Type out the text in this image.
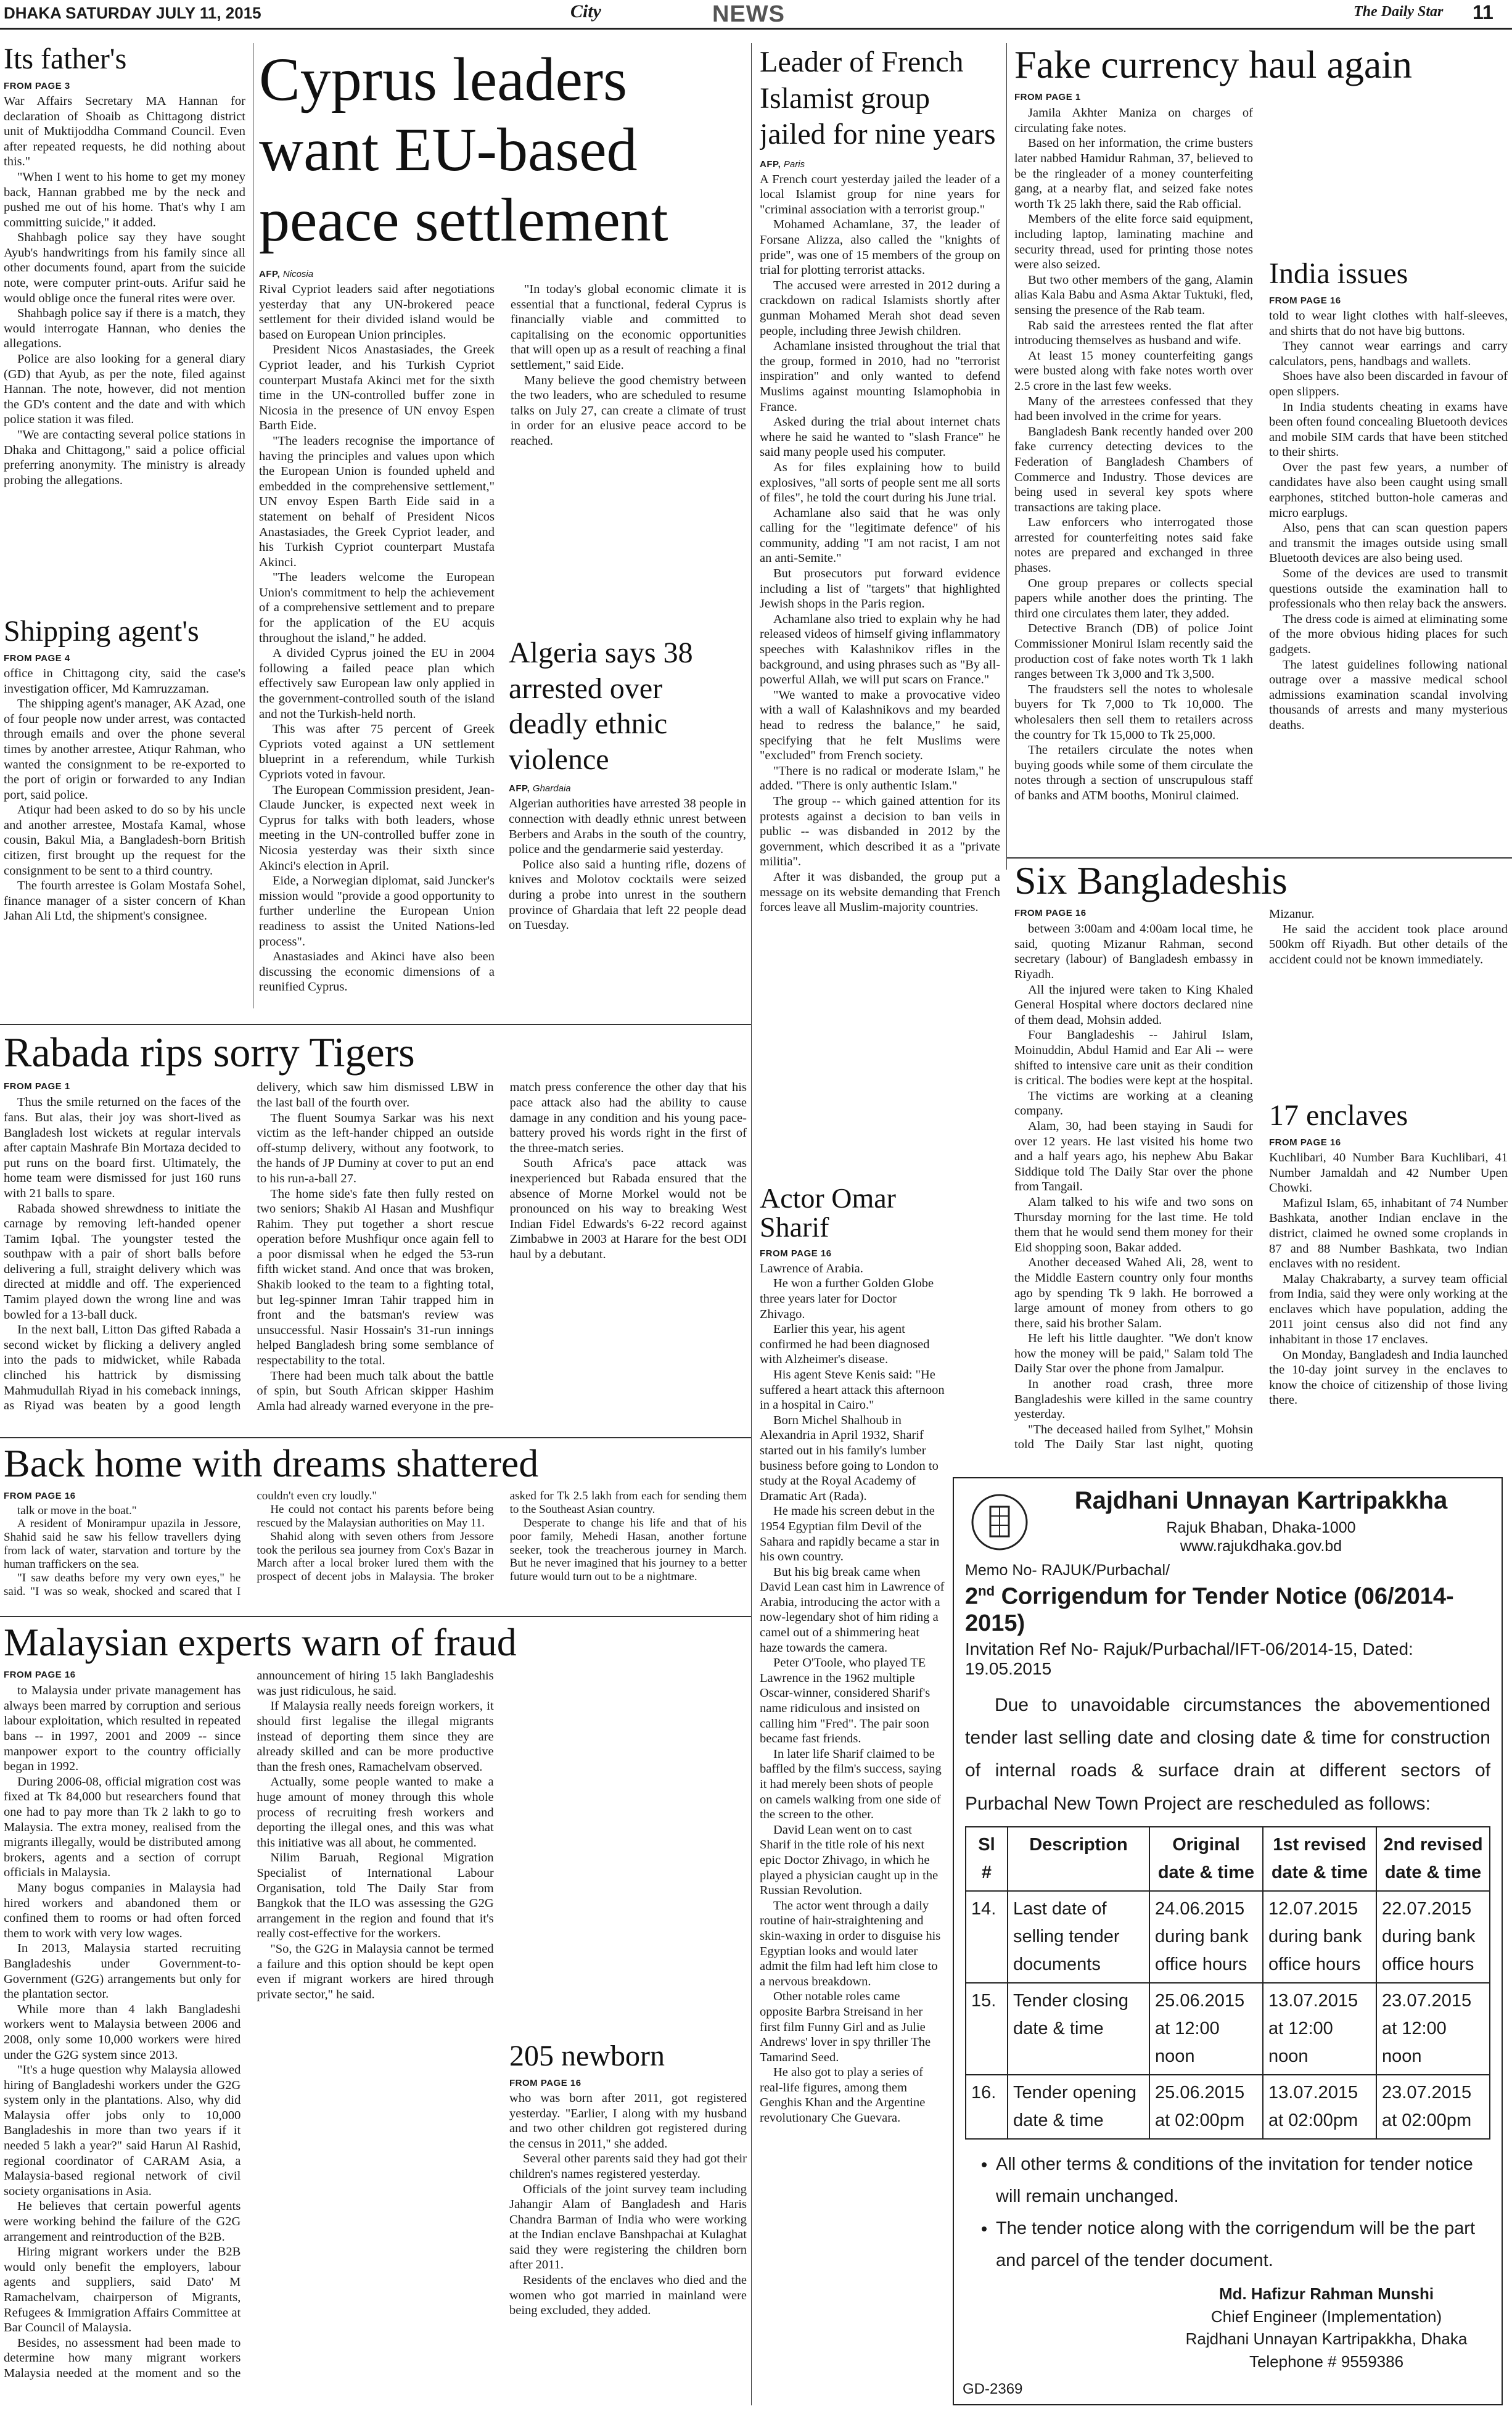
DHAKA SATURDAY JULY 11, 2015	City	NEWS	The Daily Star 11
Its father's
FROM PAGE 3

War Affairs Secretary MA Hannan for declaration of Shoaib as Chittagong district unit of Muktijoddha Command Council. Even after repeated requests, he did nothing about this."

"When I went to his home to get my money back, Hannan grabbed me by the neck and pushed me out of his home. That's why I am committing suicide," it added.

Shahbagh police say they have sought Ayub's handwritings from his family since all other documents found, apart from the suicide note, were computer print-outs. Arifur said he would oblige once the funeral rites were over.

Shahbagh police say if there is a match, they would interrogate Hannan, who denies the allegations.

Police are also looking for a general diary (GD) that Ayub, as per the note, filed against Hannan. The note, however, did not mention the GD's content and the date and with which police station it was filed.

"We are contacting several police stations in Dhaka and Chittagong," said a police official preferring anonymity. The ministry is already probing the allegations.

Shipping agent's
FROM PAGE 4

office in Chittagong city, said the case's investigation officer, Md Kamruzzaman.

The shipping agent's manager, AK Azad, one of four people now under arrest, was contacted through emails and over the phone several times by another arrestee, Atiqur Rahman, who wanted the consignment to be re-exported to the port of origin or forwarded to any Indian port, said police.

Atiqur had been asked to do so by his uncle and another arrestee, Mostafa Kamal, whose cousin, Bakul Mia, a Bangladesh-born British citizen, first brought up the request for the consignment to be sent to a third country.

The fourth arrestee is Golam Mostafa Sohel, finance manager of a sister concern of Khan Jahan Ali Ltd, the shipment's consignee.

Cyprus leaders want EU-based peace settlement
AFP, Nicosia

Rival Cypriot leaders said after negotiations yesterday that any UN-brokered peace settlement for their divided island would be based on European Union principles.

President Nicos Anastasiades, the Greek Cypriot leader, and his Turkish Cypriot counterpart Mustafa Akinci met for the sixth time in the UN-controlled buffer zone in Nicosia in the presence of UN envoy Espen Barth Eide.

"The leaders recognise the importance of having the principles and values upon which the European Union is founded upheld and embedded in the comprehensive settlement," UN envoy Espen Barth Eide said in a statement on behalf of President Nicos Anastasiades, the Greek Cypriot leader, and his Turkish Cypriot counterpart Mustafa Akinci.

"The leaders welcome the European Union's commitment to help the achievement of a comprehensive settlement and to prepare for the application of the EU acquis throughout the island," he added.

A divided Cyprus joined the EU in 2004 following a failed peace plan which effectively saw European law only applied in the government-controlled south of the island and not the Turkish-held north.

This was after 75 percent of Greek Cypriots voted against a UN settlement blueprint in a referendum, while Turkish Cypriots voted in favour.

The European Commission president, Jean-Claude Juncker, is expected next week in Cyprus for talks with both leaders, whose meeting in the UN-controlled buffer zone in Nicosia yesterday was their sixth since Akinci's election in April.

Eide, a Norwegian diplomat, said Juncker's mission would "provide a good opportunity to further underline the European Union readiness to assist the United Nations-led process".

Anastasiades and Akinci have also been discussing the economic dimensions of a reunified Cyprus.

"In today's global economic climate it is essential that a functional, federal Cyprus is financially viable and committed to capitalising on the economic opportunities that will open up as a result of reaching a final settlement," said Eide.

Many believe the good chemistry between the two leaders, who are scheduled to resume talks on July 27, can create a climate of trust in order for an elusive peace accord to be reached.

Algeria says 38 arrested over deadly ethnic violence
AFP, Ghardaia

Algerian authorities have arrested 38 people in connection with deadly ethnic unrest between Berbers and Arabs in the south of the country, police and the gendarmerie said yesterday.

Police also said a hunting rifle, dozens of knives and Molotov cocktails were seized during a probe into unrest in the southern province of Ghardaia that left 22 people dead on Tuesday.

Leader of French Islamist group jailed for nine years
AFP, Paris

A French court yesterday jailed the leader of a local Islamist group for nine years for "criminal association with a terrorist group."

Mohamed Achamlane, 37, the leader of Forsane Alizza, also called the "knights of pride", was one of 15 members of the group on trial for plotting terrorist attacks.

The accused were arrested in 2012 during a crackdown on radical Islamists shortly after gunman Mohamed Merah shot dead seven people, including three Jewish children.

Achamlane insisted throughout the trial that the group, formed in 2010, had no "terrorist inspiration" and only wanted to defend Muslims against mounting Islamophobia in France.

Asked during the trial about internet chats where he said he wanted to "slash France" he said many people used his computer.

As for files explaining how to build explosives, "all sorts of people sent me all sorts of files", he told the court during his June trial.

Achamlane also said that he was only calling for the "legitimate defence" of his community, adding "I am not racist, I am not an anti-Semite."

But prosecutors put forward evidence including a list of "targets" that highlighted Jewish shops in the Paris region.

Achamlane also tried to explain why he had released videos of himself giving inflammatory speeches with Kalashnikov rifles in the background, and using phrases such as "By all-powerful Allah, we will put scars on France."

"We wanted to make a provocative video with a wall of Kalashnikovs and my bearded head to redress the balance," he said, specifying that he felt Muslims were "excluded" from French society.

"There is no radical or moderate Islam," he added. "There is only authentic Islam."

The group -- which gained attention for its protests against a decision to ban veils in public -- was disbanded in 2012 by the government, which described it as a "private militia".

After it was disbanded, the group put a message on its website demanding that French forces leave all Muslim-majority countries.

Actor Omar Sharif
FROM PAGE 16

Lawrence of Arabia.

He won a further Golden Globe three years later for Doctor Zhivago.

Earlier this year, his agent confirmed he had been diagnosed with Alzheimer's disease.

His agent Steve Kenis said: "He suffered a heart attack this afternoon in a hospital in Cairo."

Born Michel Shalhoub in Alexandria in April 1932, Sharif started out in his family's lumber business before going to London to study at the Royal Academy of Dramatic Art (Rada).

He made his screen debut in the 1954 Egyptian film Devil of the Sahara and rapidly became a star in his own country.

But his big break came when David Lean cast him in Lawrence of Arabia, introducing the actor with a now-legendary shot of him riding a camel out of a shimmering heat haze towards the camera.

Peter O'Toole, who played TE Lawrence in the 1962 multiple Oscar-winner, considered Sharif's name ridiculous and insisted on calling him "Fred". The pair soon became fast friends.

In later life Sharif claimed to be baffled by the film's success, saying it had merely been shots of people on camels walking from one side of the screen to the other.

David Lean went on to cast Sharif in the title role of his next epic Doctor Zhivago, in which he played a physician caught up in the Russian Revolution.

The actor went through a daily routine of hair-straightening and skin-waxing in order to disguise his Egyptian looks and would later admit the film had left him close to a nervous breakdown.

Other notable roles came opposite Barbra Streisand in her first film Funny Girl and as Julie Andrews' lover in spy thriller The Tamarind Seed.

He also got to play a series of real-life figures, among them Genghis Khan and the Argentine revolutionary Che Guevara.

Fake currency haul again
FROM PAGE 1

Jamila Akhter Maniza on charges of circulating fake notes.

Based on her information, the crime busters later nabbed Hamidur Rahman, 37, believed to be the ringleader of a money counterfeiting gang, at a nearby flat, and seized fake notes worth Tk 25 lakh there, said the Rab official.

Members of the elite force said equipment, including laptop, laminating machine and security thread, used for printing those notes were also seized.

But two other members of the gang, Alamin alias Kala Babu and Asma Aktar Tuktuki, fled, sensing the presence of the Rab team.

Rab said the arrestees rented the flat after introducing themselves as husband and wife.

At least 15 money counterfeiting gangs were busted along with fake notes worth over 2.5 crore in the last few weeks.

Many of the arrestees confessed that they had been involved in the crime for years.

Bangladesh Bank recently handed over 200 fake currency detecting devices to the Federation of Bangladesh Chambers of Commerce and Industry. Those devices are being used in several key spots where transactions are taking place.

Law enforcers who interrogated those arrested for counterfeiting notes said fake notes are prepared and exchanged in three phases.

One group prepares or collects special papers while another does the printing. The third one circulates them later, they added.

Detective Branch (DB) of police Joint Commissioner Monirul Islam recently said the production cost of fake notes worth Tk 1 lakh ranges between Tk 3,000 and Tk 3,500.

The fraudsters sell the notes to wholesale buyers for Tk 7,000 to Tk 10,000. The wholesalers then sell them to retailers across the country for Tk 15,000 to Tk 25,000.

The retailers circulate the notes when buying goods while some of them circulate the notes through a section of unscrupulous staff of banks and ATM booths, Monirul claimed.

India issues
FROM PAGE 16

told to wear light clothes with half-sleeves, and shirts that do not have big buttons.

They cannot wear earrings and carry calculators, pens, handbags and wallets.

Shoes have also been discarded in favour of open slippers.

In India students cheating in exams have been often found concealing Bluetooth devices and mobile SIM cards that have been stitched to their shirts.

Over the past few years, a number of candidates have also been caught using small earphones, stitched button-hole cameras and micro earplugs.

Also, pens that can scan question papers and transmit the images outside using small Bluetooth devices are also being used.

Some of the devices are used to transmit questions outside the examination hall to professionals who then relay back the answers.

The dress code is aimed at eliminating some of the more obvious hiding places for such gadgets.

The latest guidelines following national outrage over a massive medical school admissions examination scandal involving thousands of arrests and many mysterious deaths.

Six Bangladeshis
FROM PAGE 16

between 3:00am and 4:00am local time, he said, quoting Mizanur Rahman, second secretary (labour) of Bangladesh embassy in Riyadh.

All the injured were taken to King Khaled General Hospital where doctors declared nine of them dead, Mohsin added.

Four Bangladeshis -- Jahirul Islam, Moinuddin, Abdul Hamid and Ear Ali -- were shifted to intensive care unit as their condition is critical. The bodies were kept at the hospital.

The victims are working at a cleaning company.

Alam, 30, had been staying in Saudi for over 12 years. He last visited his home two and a half years ago, his nephew Abu Bakar Siddique told The Daily Star over the phone from Tangail.

Alam talked to his wife and two sons on Thursday morning for the last time. He told them that he would send them money for their Eid shopping soon, Bakar added.

Another deceased Wahed Ali, 28, went to the Middle Eastern country only four months ago by spending Tk 9 lakh. He borrowed a large amount of money from others to go there, said his brother Salam.

He left his little daughter. "We don't know how the money will be paid," Salam told The Daily Star over the phone from Jamalpur.

In another road crash, three more Bangladeshis were killed in the same country yesterday.

"The deceased hailed from Sylhet," Mohsin told The Daily Star last night, quoting Mizanur.

He said the accident took place around 500km off Riyadh. But other details of the accident could not be known immediately.

17 enclaves
FROM PAGE 16

Kuchlibari, 40 Number Bara Kuchlibari, 41 Number Jamaldah and 42 Number Upen Chowki.

Mafizul Islam, 65, inhabitant of 74 Number Bashkata, another Indian enclave in the district, claimed he owned some croplands in 87 and 88 Number Bashkata, two Indian enclaves with no resident.

Malay Chakrabarty, a survey team official from India, said they were only working at the enclaves which have population, adding the 2011 joint census also did not find any inhabitant in those 17 enclaves.

On Monday, Bangladesh and India launched the 10-day joint survey in the enclaves to know the choice of citizenship of those living there.

Rabada rips sorry Tigers
FROM PAGE 1

Thus the smile returned on the faces of the fans. But alas, their joy was short-lived as Bangladesh lost wickets at regular intervals after captain Mashrafe Bin Mortaza decided to put runs on the board first. Ultimately, the home team were dismissed for just 160 runs with 21 balls to spare.

Rabada showed shrewdness to initiate the carnage by removing left-handed opener Tamim Iqbal. The youngster tested the southpaw with a pair of short balls before delivering a full, straight delivery which was directed at middle and off. The experienced Tamim played down the wrong line and was bowled for a 13-ball duck.

In the next ball, Litton Das gifted Rabada a second wicket by flicking a delivery angled into the pads to midwicket, while Rabada clinched his hattrick by dismissing Mahmudullah Riyad in his comeback innings, as Riyad was beaten by a good length delivery, which saw him dismissed LBW in the last ball of the fourth over.

The fluent Soumya Sarkar was his next victim as the left-hander chipped an outside off-stump delivery, without any footwork, to the hands of JP Duminy at cover to put an end to his run-a-ball 27.

The home side's fate then fully rested on two seniors; Shakib Al Hasan and Mushfiqur Rahim. They put together a short rescue operation before Mushfiqur once again fell to a poor dismissal when he edged the 53-run fifth wicket stand. And once that was broken, Shakib looked to the team to a fighting total, but leg-spinner Imran Tahir trapped him in front and the batsman's review was unsuccessful. Nasir Hossain's 31-run innings helped Bangladesh bring some semblance of respectability to the total.

There had been much talk about the battle of spin, but South African skipper Hashim Amla had already warned everyone in the pre-match press conference the other day that his pace attack also had the ability to cause damage in any condition and his young pace-battery proved his words right in the first of the three-match series.

South Africa's pace attack was inexperienced but Rabada ensured that the absence of Morne Morkel would not be pronounced on his way to breaking West Indian Fidel Edwards's 6-22 record against Zimbabwe in 2003 at Harare for the best ODI haul by a debutant.

Back home with dreams shattered
FROM PAGE 16

talk or move in the boat."

A resident of Monirampur upazila in Jessore, Shahid said he saw his fellow travellers dying from lack of water, starvation and torture by the human traffickers on the sea.

"I saw deaths before my very own eyes," he said. "I was so weak, shocked and scared that I couldn't even cry loudly."

He could not contact his parents before being rescued by the Malaysian authorities on May 11.

Shahid along with seven others from Jessore took the perilous sea journey from Cox's Bazar in March after a local broker lured them with the prospect of decent jobs in Malaysia. The broker asked for Tk 2.5 lakh from each for sending them to the Southeast Asian country.

Desperate to change his life and that of his poor family, Mehedi Hasan, another fortune seeker, took the treacherous journey in March. But he never imagined that his journey to a better future would turn out to be a nightmare.

Malaysian experts warn of fraud
FROM PAGE 16

to Malaysia under private management has always been marred by corruption and serious labour exploitation, which resulted in repeated bans -- in 1997, 2001 and 2009 -- since manpower export to the country officially began in 1992.

During 2006-08, official migration cost was fixed at Tk 84,000 but researchers found that one had to pay more than Tk 2 lakh to go to Malaysia. The extra money, realised from the migrants illegally, would be distributed among brokers, agents and a section of corrupt officials in Malaysia.

Many bogus companies in Malaysia had hired workers and abandoned them or confined them to rooms or had often forced them to work with very low wages.

In 2013, Malaysia started recruiting Bangladeshis under Government-to-Government (G2G) arrangements but only for the plantation sector.

While more than 4 lakh Bangladeshi workers went to Malaysia between 2006 and 2008, only some 10,000 workers were hired under the G2G system since 2013.

"It's a huge question why Malaysia allowed hiring of Bangladeshi workers under the G2G system only in the plantations. Also, why did Malaysia offer jobs only to 10,000 Bangladeshis in more than two years if it needed 5 lakh a year?" said Harun Al Rashid, regional coordinator of CARAM Asia, a Malaysia-based regional network of civil society organisations in Asia.

He believes that certain powerful agents were working behind the failure of the G2G arrangement and reintroduction of the B2B.

Hiring migrant workers under the B2B would only benefit the employers, labour agents and suppliers, said Dato' M Ramachelvam, chairperson of Migrants, Refugees & Immigration Affairs Committee at Bar Council of Malaysia.

Besides, no assessment had been made to determine how many migrant workers Malaysia needed at the moment and so the announcement of hiring 15 lakh Bangladeshis was just ridiculous, he said.

If Malaysia really needs foreign workers, it should first legalise the illegal migrants instead of deporting them since they are already skilled and can be more productive than the fresh ones, Ramachelvam observed.

Actually, some people wanted to make a huge amount of money through this whole process of recruiting fresh workers and deporting the illegal ones, and this was what this initiative was all about, he commented.

Nilim Baruah, Regional Migration Specialist of International Labour Organisation, told The Daily Star from Bangkok that the ILO was assessing the G2G arrangement in the region and found that it's really cost-effective for the workers.

"So, the G2G in Malaysia cannot be termed a failure and this option should be kept open even if migrant workers are hired through private sector," he said.

205 newborn
FROM PAGE 16

who was born after 2011, got registered yesterday. "Earlier, I along with my husband and two other children got registered during the census in 2011," she added.

Several other parents said they had got their children's names registered yesterday.

Officials of the joint survey team including Jahangir Alam of Bangladesh and Haris Chandra Barman of India who were working at the Indian enclave Banshpachai at Kulaghat said they were registering the children born after 2011.

Residents of the enclaves who died and the women who got married in mainland were being excluded, they added.

Rajdhani Unnayan Kartripakkha
Rajuk Bhaban, Dhaka-1000
www.rajukdhaka.gov.bd
Memo No- RAJUK/Purbachal/
2nd Corrigendum for Tender Notice (06/2014-2015)
Invitation Ref No- Rajuk/Purbachal/IFT-06/2014-15, Dated: 19.05.2015
Due to unavoidable circumstances the abovementioned tender last selling date and closing date & time for construction of internal roads & surface drain at different sectors of Purbachal New Town Project are rescheduled as follows:
Sl #	Description	Original date & time	1st revised date & time	2nd revised date & time
14.	Last date of selling tender documents	24.06.2015 during bank office hours	12.07.2015 during bank office hours	22.07.2015 during bank office hours
15.	Tender closing date & time	25.06.2015 at 12:00 noon	13.07.2015 at 12:00 noon	23.07.2015 at 12:00 noon
16.	Tender opening date & time	25.06.2015 at 02:00pm	13.07.2015 at 02:00pm	23.07.2015 at 02:00pm
• All other terms & conditions of the invitation for tender notice will remain unchanged.
• The tender notice along with the corrigendum will be the part and parcel of the tender document.
Md. Hafizur Rahman Munshi
Chief Engineer (Implementation)
Rajdhani Unnayan Kartripakkha, Dhaka
Telephone # 9559386
GD-2369
